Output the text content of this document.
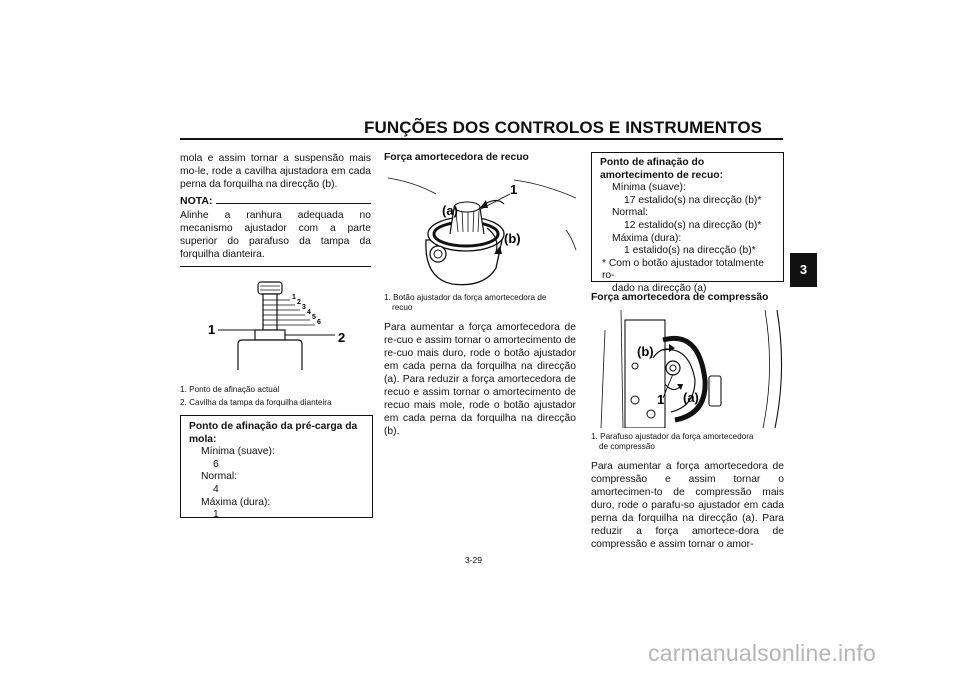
FUNÇÕES DOS CONTROLOS E INSTRUMENTOS
3
mola e assim tornar a suspensão mais mo-le, rode a cavilha ajustadora em cada perna da forquilha na direcção (b).
NOTA:
Alinhe a ranhura adequada no mecanismo ajustador com a parte superior do parafuso da tampa da forquilha dianteira.
1
2
3
4
5
6
1
2
1. Ponto de afinação actual
2. Cavilha da tampa da forquilha dianteira
Ponto de afinação da pré-carga da mola:
Mínima (suave):
6
Normal:
4
Máxima (dura):
1
Força amortecedora de recuo
1
(a)
(b)
1. Botão ajustador da força amortecedora de
recuo
Para aumentar a força amortecedora de re-cuo e assim tornar o amortecimento de re-cuo mais duro, rode o botão ajustador em cada perna da forquilha na direcção (a). Para reduzir a força amortecedora de recuo e assim tornar o amortecimento de recuo mais mole, rode o botão ajustador em cada perna da forquilha na direcção (b).
Ponto de afinação do amortecimento de recuo:
Mínima (suave):
17 estalido(s) na direcção (b)*
Normal:
12 estalido(s) na direcção (b)*
Máxima (dura):
1 estalido(s) na direcção (b)*
* Com o botão ajustador totalmente ro-
dado na direcção (a)
Força amortecedora de compressão
1
(b)
(a)
1. Parafuso ajustador da força amortecedora
de compressão
Para aumentar a força amortecedora de compressão e assim tornar o amortecimen-to de compressão mais duro, rode o parafu-so ajustador em cada perna da forquilha na direcção (a). Para reduzir a força amortece-dora de compressão e assim tornar o amor-
3-29
carmanualsonline.info
